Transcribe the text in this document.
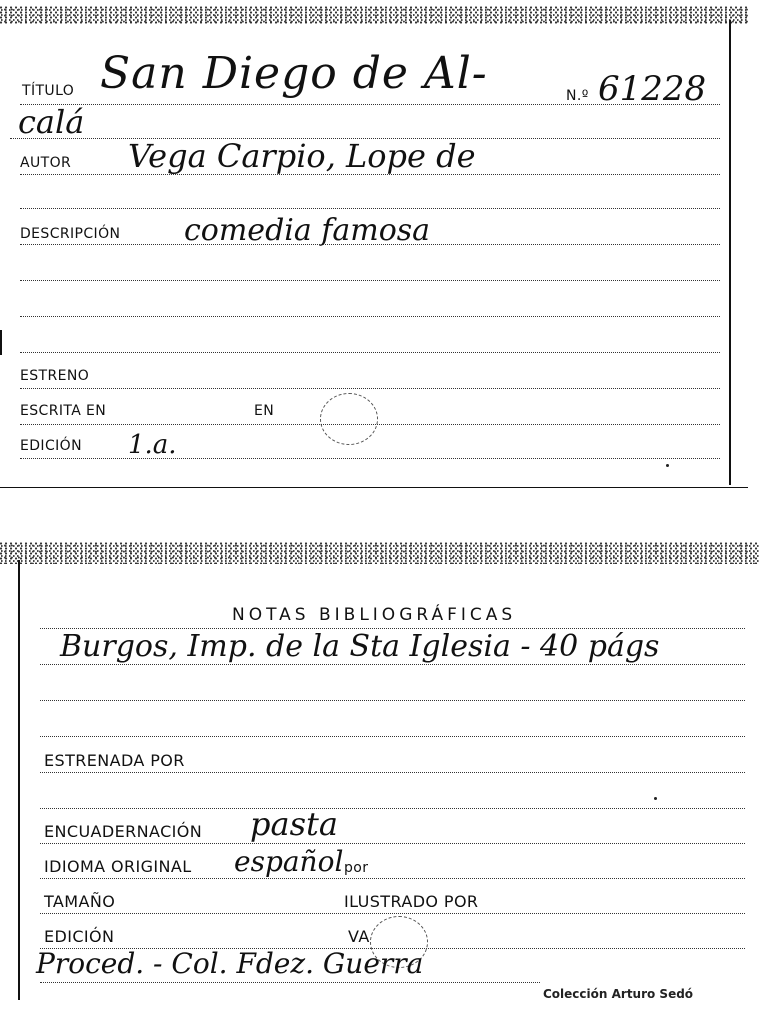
TÍTULO San Diego de Al-	N.º 61228
calá
AUTOR Vega Carpio, Lope de
DESCRIPCIÓN comedia famosa
ESTRENO
ESCRITA EN	EN
EDICIÓN 1.a.
NOTAS BIBLIOGRÁFICAS
Burgos, Imp. de la Sta Iglesia - 40 págs
ESTRENADA POR
ENCUADERNACIÓN pasta
IDIOMA ORIGINAL español por
TAMAÑO	ILUSTRADO POR
EDICIÓN	VA
Proced. - Col. Fdez. Guerra
Colección Arturo Sedó
